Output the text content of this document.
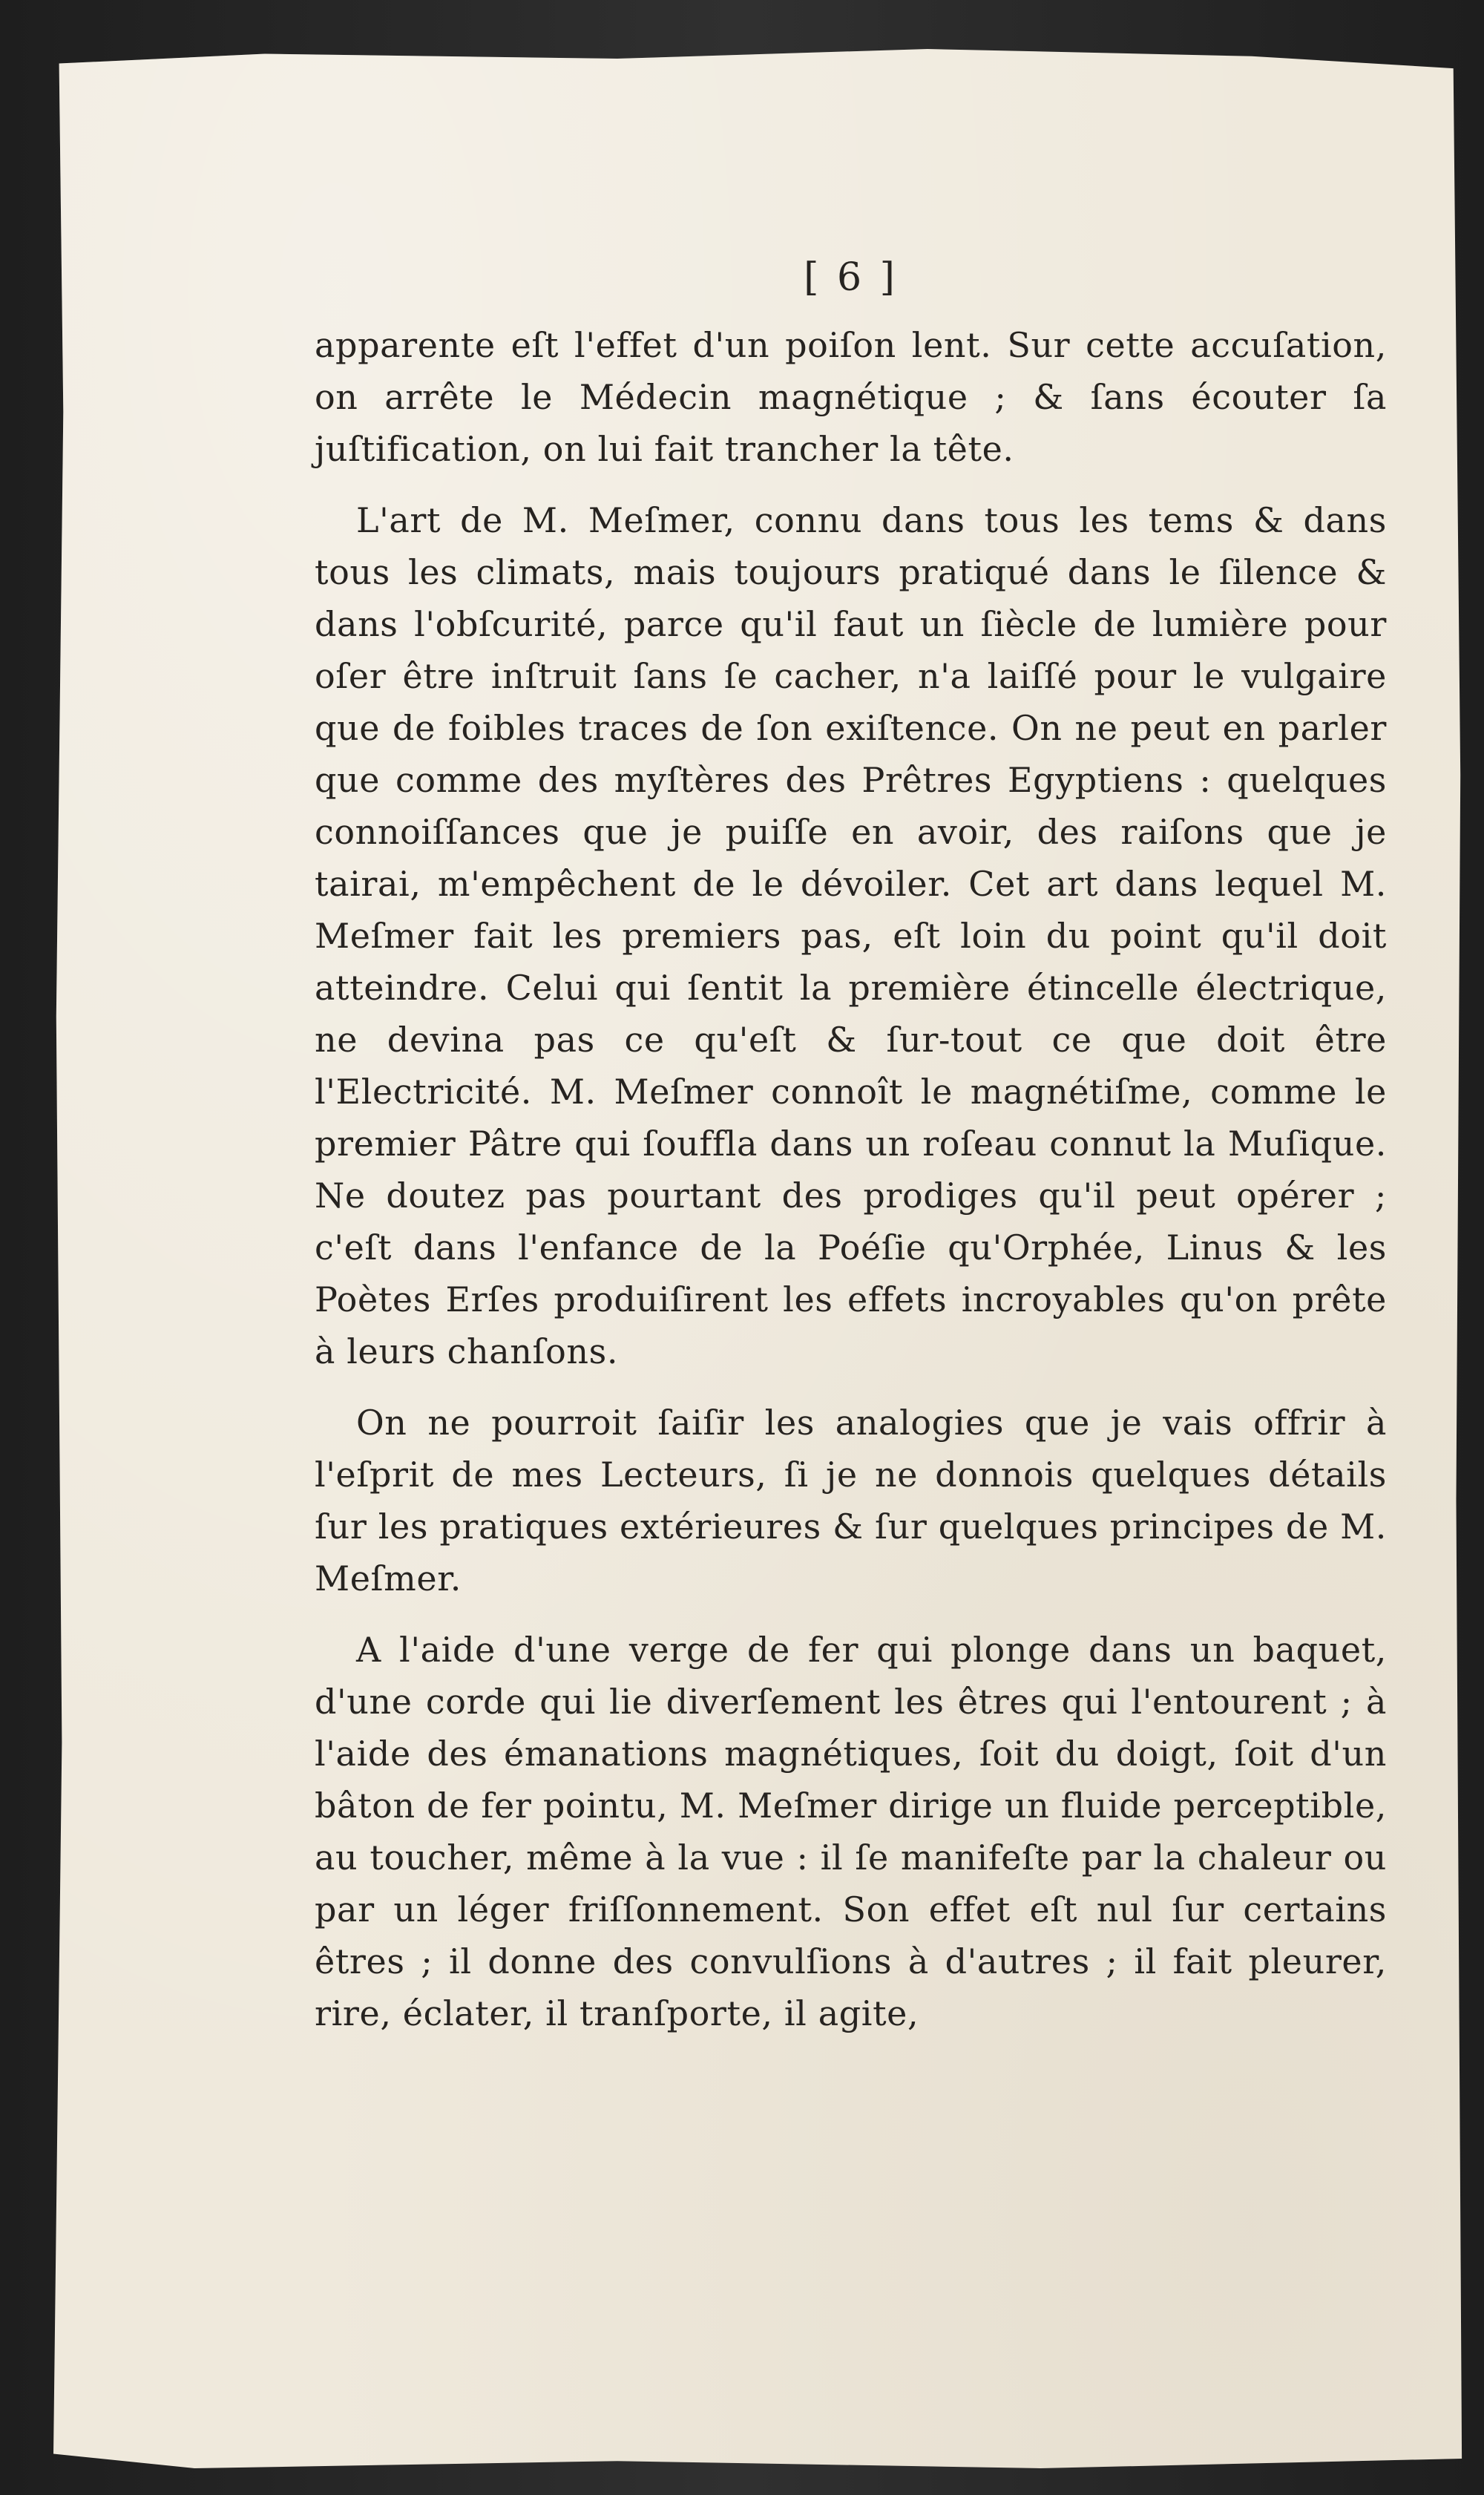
[ 6 ]

apparente eſt l'effet d'un poiſon lent. Sur cette accuſation, on arrête le Médecin magnétique ; & ſans écouter ſa juſtification, on lui fait trancher la tête.

L'art de M. Meſmer, connu dans tous les tems & dans tous les climats, mais toujours pratiqué dans le ſilence & dans l'obſcurité, parce qu'il faut un ſiècle de lumière pour oſer être inſtruit ſans ſe cacher, n'a laiſſé pour le vulgaire que de foibles traces de ſon exiſtence. On ne peut en parler que comme des myſtères des Prêtres Egyptiens : quelques connoiſſances que je puiſſe en avoir, des raiſons que je tairai, m'empêchent de le dévoiler. Cet art dans lequel M. Meſmer fait les premiers pas, eſt loin du point qu'il doit atteindre. Celui qui ſentit la première étincelle électrique, ne devina pas ce qu'eſt & ſur-tout ce que doit être l'Electricité. M. Meſmer connoît le magnétiſme, comme le premier Pâtre qui ſouffla dans un roſeau connut la Muſique. Ne doutez pas pourtant des prodiges qu'il peut opérer ; c'eſt dans l'enfance de la Poéſie qu'Orphée, Linus & les Poètes Erſes produiſirent les effets incroyables qu'on prête à leurs chanſons.

On ne pourroit ſaiſir les analogies que je vais offrir à l'eſprit de mes Lecteurs, ſi je ne donnois quelques détails ſur les pratiques extérieures & ſur quelques principes de M. Meſmer.

A l'aide d'une verge de fer qui plonge dans un baquet, d'une corde qui lie diverſement les êtres qui l'entourent ; à l'aide des émanations magnétiques, ſoit du doigt, ſoit d'un bâton de fer pointu, M. Meſmer dirige un fluide perceptible, au toucher, même à la vue : il ſe manifeſte par la chaleur ou par un léger friſſonnement. Son effet eſt nul ſur certains êtres ; il donne des convulſions à d'autres ; il fait pleurer, rire, éclater, il tranſporte, il agite,
